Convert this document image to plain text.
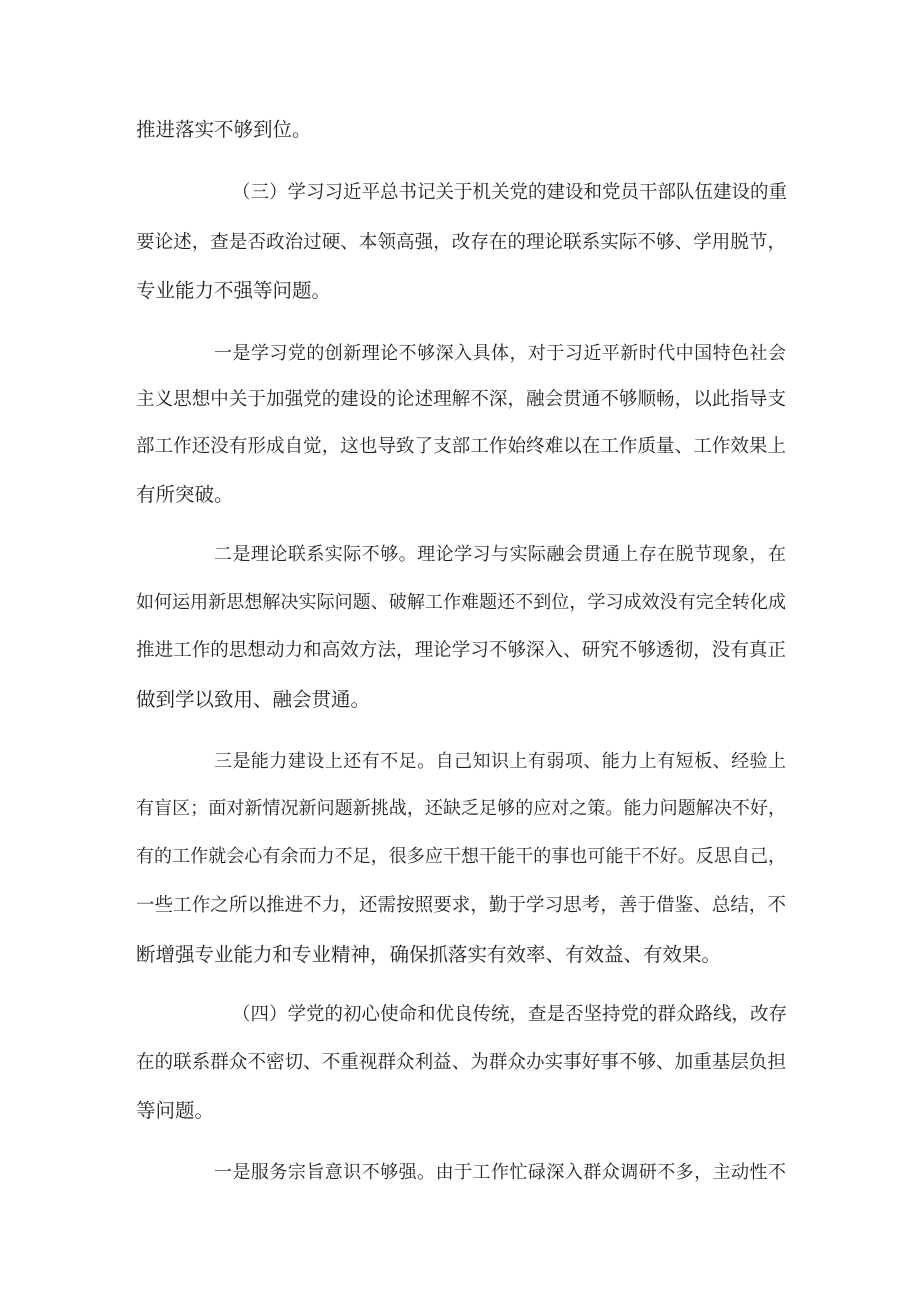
推进落实不够到位。

（三）学习习近平总书记关于机关党的建设和党员干部队伍建设的重

要论述，查是否政治过硬、本领高强，改存在的理论联系实际不够、学用脱节，

专业能力不强等问题。

一是学习党的创新理论不够深入具体，对于习近平新时代中国特色社会

主义思想中关于加强党的建设的论述理解不深，融会贯通不够顺畅，以此指导支

部工作还没有形成自觉，这也导致了支部工作始终难以在工作质量、工作效果上

有所突破。

二是理论联系实际不够。理论学习与实际融会贯通上存在脱节现象，在

如何运用新思想解决实际问题、破解工作难题还不到位，学习成效没有完全转化成

推进工作的思想动力和高效方法，理论学习不够深入、研究不够透彻，没有真正

做到学以致用、融会贯通。

三是能力建设上还有不足。自己知识上有弱项、能力上有短板、经验上

有盲区；面对新情况新问题新挑战，还缺乏足够的应对之策。能力问题解决不好，

有的工作就会心有余而力不足，很多应干想干能干的事也可能干不好。反思自己，

一些工作之所以推进不力，还需按照要求，勤于学习思考，善于借鉴、总结，不

断增强专业能力和专业精神，确保抓落实有效率、有效益、有效果。

（四）学党的初心使命和优良传统，查是否坚持党的群众路线，改存

在的联系群众不密切、不重视群众利益、为群众办实事好事不够、加重基层负担

等问题。

一是服务宗旨意识不够强。由于工作忙碌深入群众调研不多，主动性不
